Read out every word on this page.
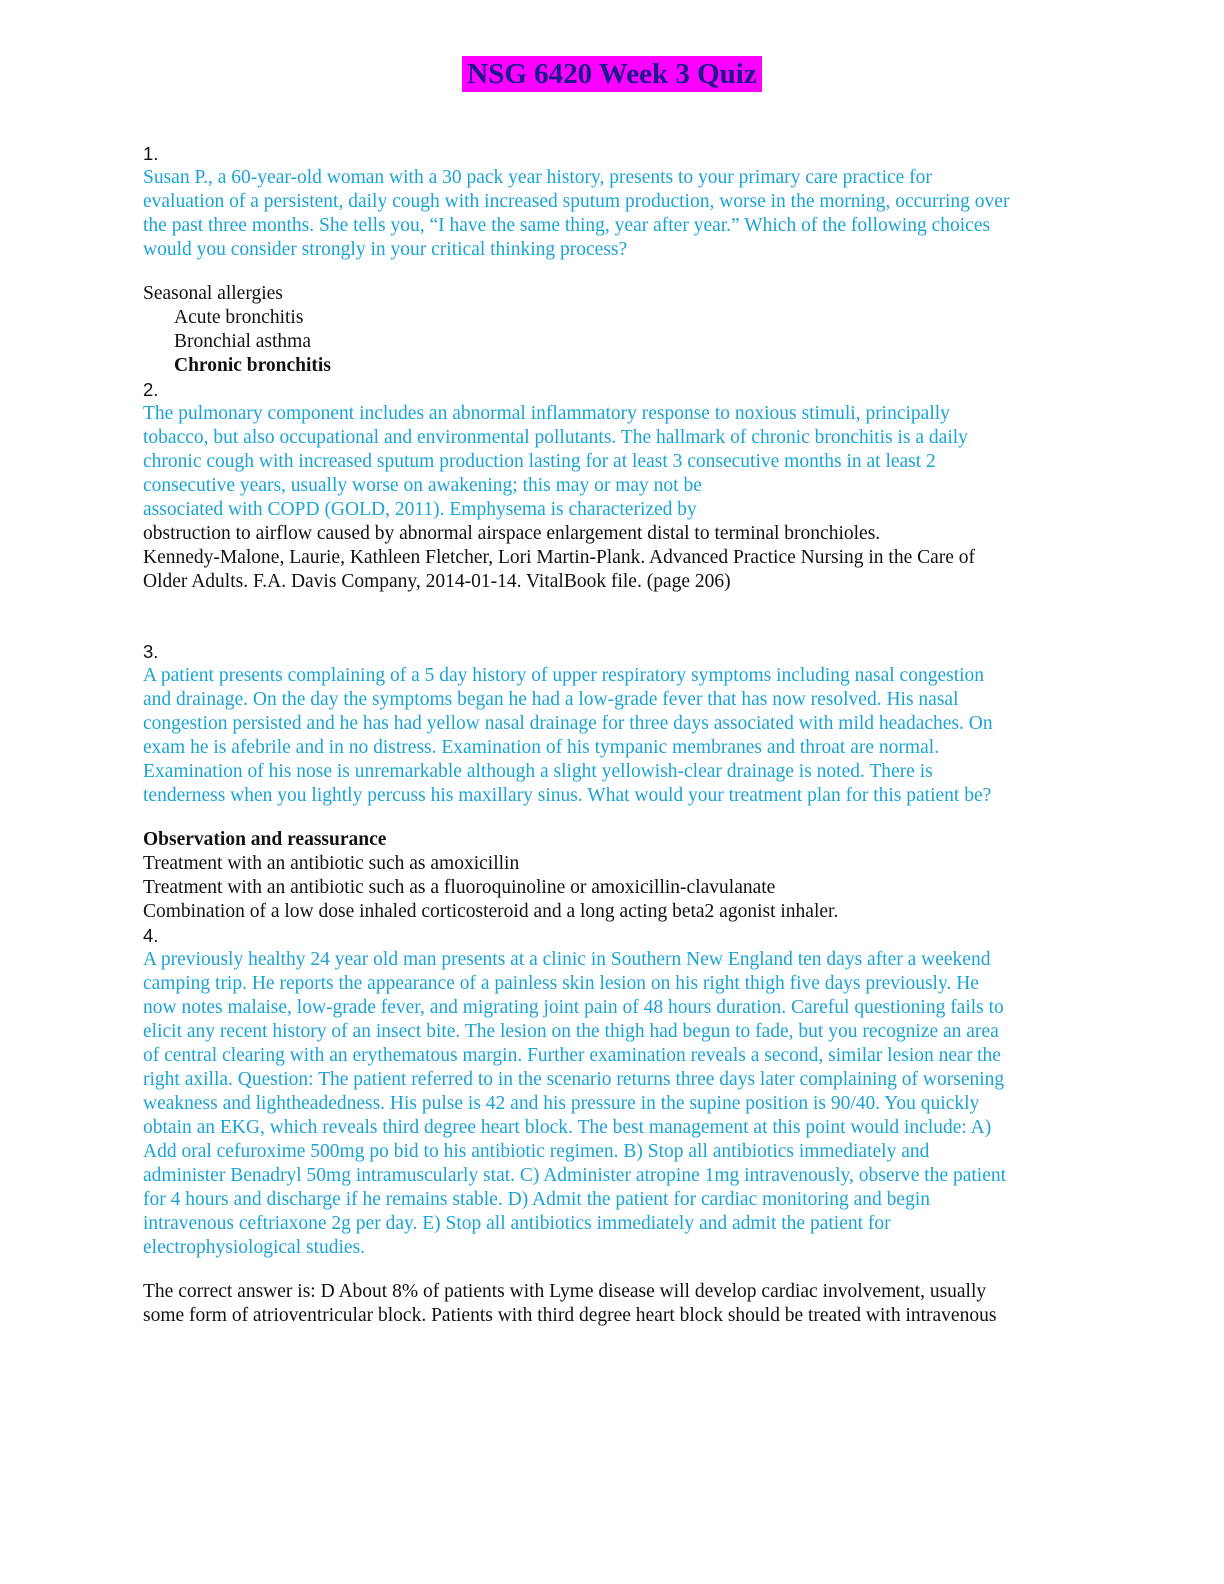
NSG 6420 Week 3 Quiz
1.
Susan P., a 60-year-old woman with a 30 pack year history, presents to your primary care practice for
evaluation of a persistent, daily cough with increased sputum production, worse in the morning, occurring over
the past three months. She tells you, “I have the same thing, year after year.” Which of the following choices
would you consider strongly in your critical thinking process?
Seasonal allergies
Acute bronchitis
Bronchial asthma
Chronic bronchitis
2.
The pulmonary component includes an abnormal inflammatory response to noxious stimuli, principally
tobacco, but also occupational and environmental pollutants. The hallmark of chronic bronchitis is a daily
chronic cough with increased sputum production lasting for at least 3 consecutive months in at least 2
consecutive years, usually worse on awakening; this may or may not be
associated with COPD (GOLD, 2011). Emphysema is characterized by
obstruction to airflow caused by abnormal airspace enlargement distal to terminal bronchioles.
Kennedy-Malone, Laurie, Kathleen Fletcher, Lori Martin-Plank. Advanced Practice Nursing in the Care of
Older Adults. F.A. Davis Company, 2014-01-14. VitalBook file. (page 206)
3.
A patient presents complaining of a 5 day history of upper respiratory symptoms including nasal congestion
and drainage. On the day the symptoms began he had a low-grade fever that has now resolved. His nasal
congestion persisted and he has had yellow nasal drainage for three days associated with mild headaches. On
exam he is afebrile and in no distress. Examination of his tympanic membranes and throat are normal.
Examination of his nose is unremarkable although a slight yellowish-clear drainage is noted. There is
tenderness when you lightly percuss his maxillary sinus. What would your treatment plan for this patient be?
Observation and reassurance
Treatment with an antibiotic such as amoxicillin
Treatment with an antibiotic such as a fluoroquinoline or amoxicillin-clavulanate
Combination of a low dose inhaled corticosteroid and a long acting beta2 agonist inhaler.
4.
A previously healthy 24 year old man presents at a clinic in Southern New England ten days after a weekend
camping trip. He reports the appearance of a painless skin lesion on his right thigh five days previously. He
now notes malaise, low-grade fever, and migrating joint pain of 48 hours duration. Careful questioning fails to
elicit any recent history of an insect bite. The lesion on the thigh had begun to fade, but you recognize an area
of central clearing with an erythematous margin. Further examination reveals a second, similar lesion near the
right axilla. Question: The patient referred to in the scenario returns three days later complaining of worsening
weakness and lightheadedness. His pulse is 42 and his pressure in the supine position is 90/40. You quickly
obtain an EKG, which reveals third degree heart block. The best management at this point would include: A)
Add oral cefuroxime 500mg po bid to his antibiotic regimen. B) Stop all antibiotics immediately and
administer Benadryl 50mg intramuscularly stat. C) Administer atropine 1mg intravenously, observe the patient
for 4 hours and discharge if he remains stable. D) Admit the patient for cardiac monitoring and begin
intravenous ceftriaxone 2g per day. E) Stop all antibiotics immediately and admit the patient for
electrophysiological studies.
The correct answer is: D About 8% of patients with Lyme disease will develop cardiac involvement, usually
some form of atrioventricular block. Patients with third degree heart block should be treated with intravenous
